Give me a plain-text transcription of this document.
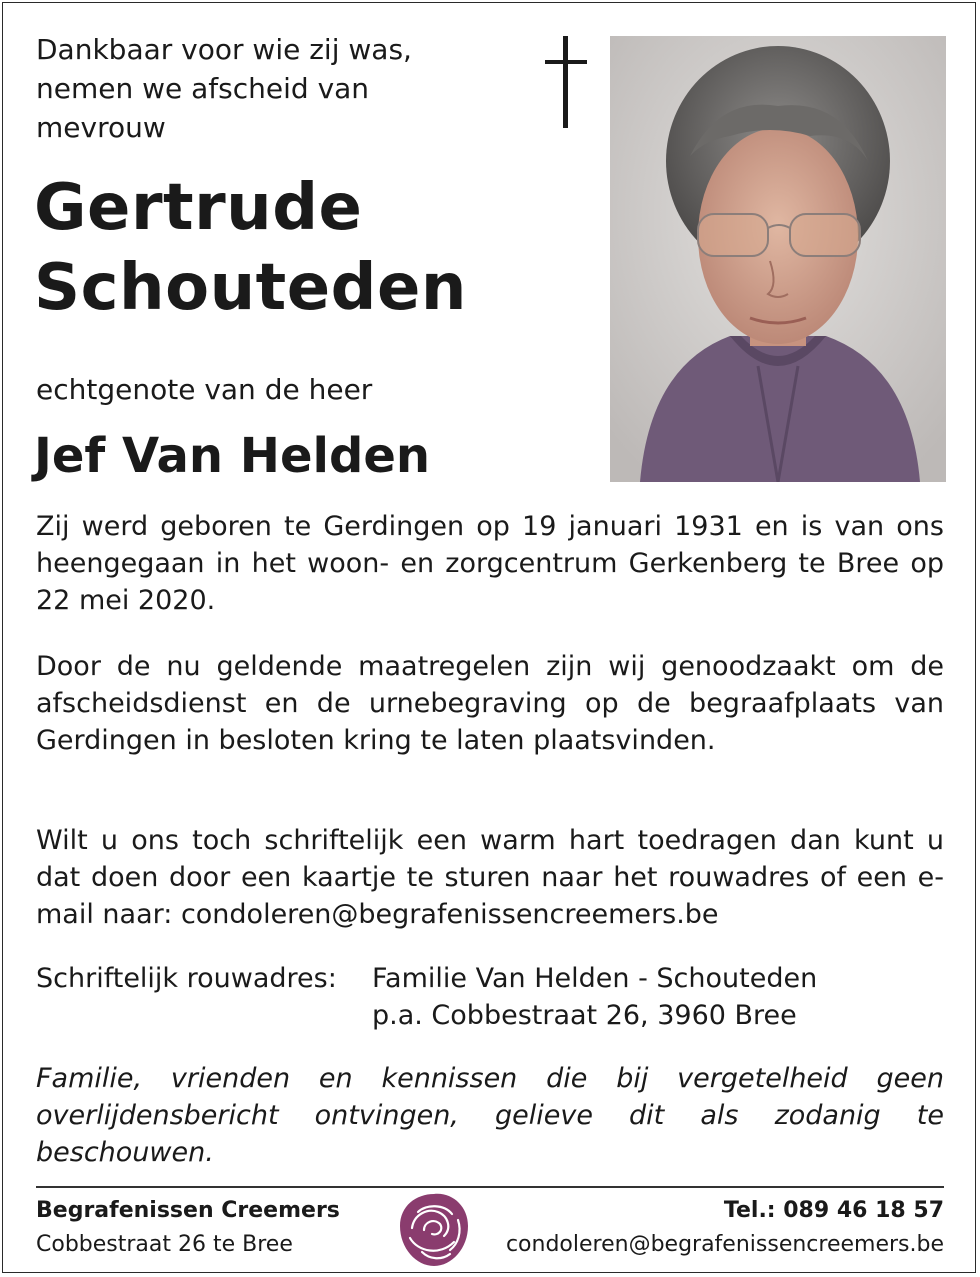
Dankbaar voor wie zij was,
nemen we afscheid van
mevrouw

Gertrude
Schouteden
echtgenote van de heer
Jef Van Helden

Zij werd geboren te Gerdingen op 19 januari 1931 en is van ons heengegaan in het woon- en zorgcentrum Gerkenberg te Bree op 22 mei 2020.

Door de nu geldende maatregelen zijn wij genoodzaakt om de afscheidsdienst en de urnebegraving op de begraafplaats van Gerdingen in besloten kring te laten plaatsvinden.

Wilt u ons toch schriftelijk een warm hart toedragen dan kunt u dat doen door een kaartje te sturen naar het rouwadres of een e-mail naar: condoleren@begrafenissencreemers.be

Schriftelijk rouwadres: Familie Van Helden - Schouteden
p.a. Cobbestraat 26, 3960 Bree

Familie, vrienden en kennissen die bij vergetelheid geen overlijdensbericht ontvingen, gelieve dit als zodanig te beschouwen.

Begrafenissen Creemers
Cobbestraat 26 te Bree
Tel.: 089 46 18 57
condoleren@begrafenissencreemers.be
